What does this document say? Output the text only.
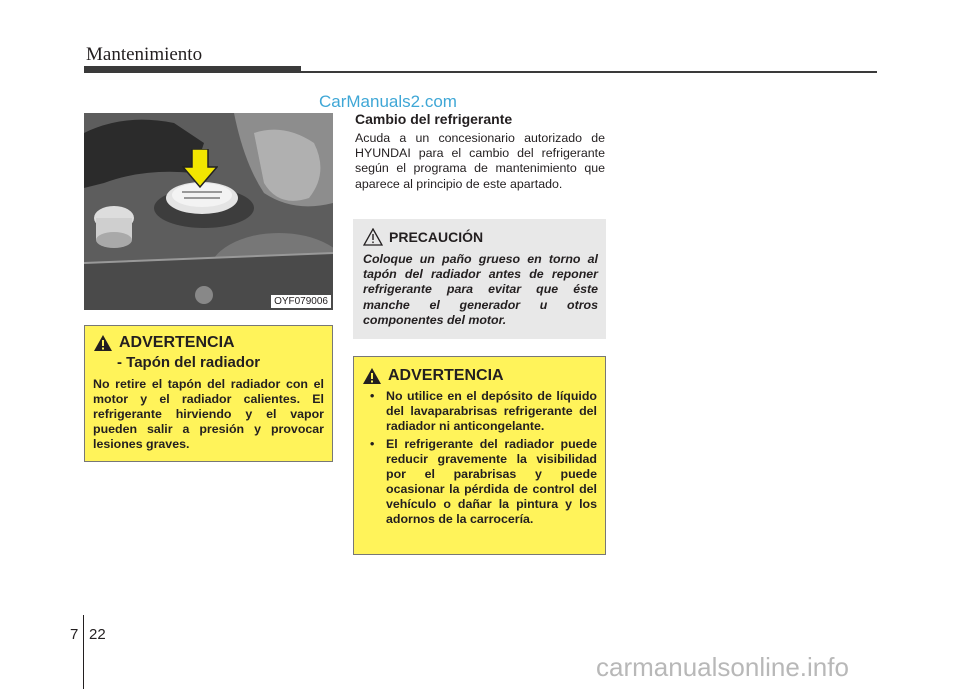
Mantenimiento
CarManuals2.com
OYF079006
ADVERTENCIA
- Tapón del radiador
No retire el tapón del radiador con el motor y el radiador calientes. El refrigerante hirviendo y el vapor pueden salir a presión y provocar lesiones graves.
Cambio del refrigerante
Acuda a un concesionario autorizado de HYUNDAI para el cambio del refrigerante según el programa de mantenimiento que aparece al principio de este apartado.
PRECAUCIÓN
Coloque un paño grueso en torno al tapón del radiador antes de reponer refrigerante para evitar que éste manche el generador u otros componentes del motor.
ADVERTENCIA
• No utilice en el depósito de líquido del lavaparabrisas refrigerante del radiador ni anticongelante.
• El refrigerante del radiador puede reducir gravemente la visibilidad por el parabrisas y puede ocasionar la pérdida de control del vehículo o dañar la pintura y los adornos de la carrocería.
7 22
carmanualsonline.info
